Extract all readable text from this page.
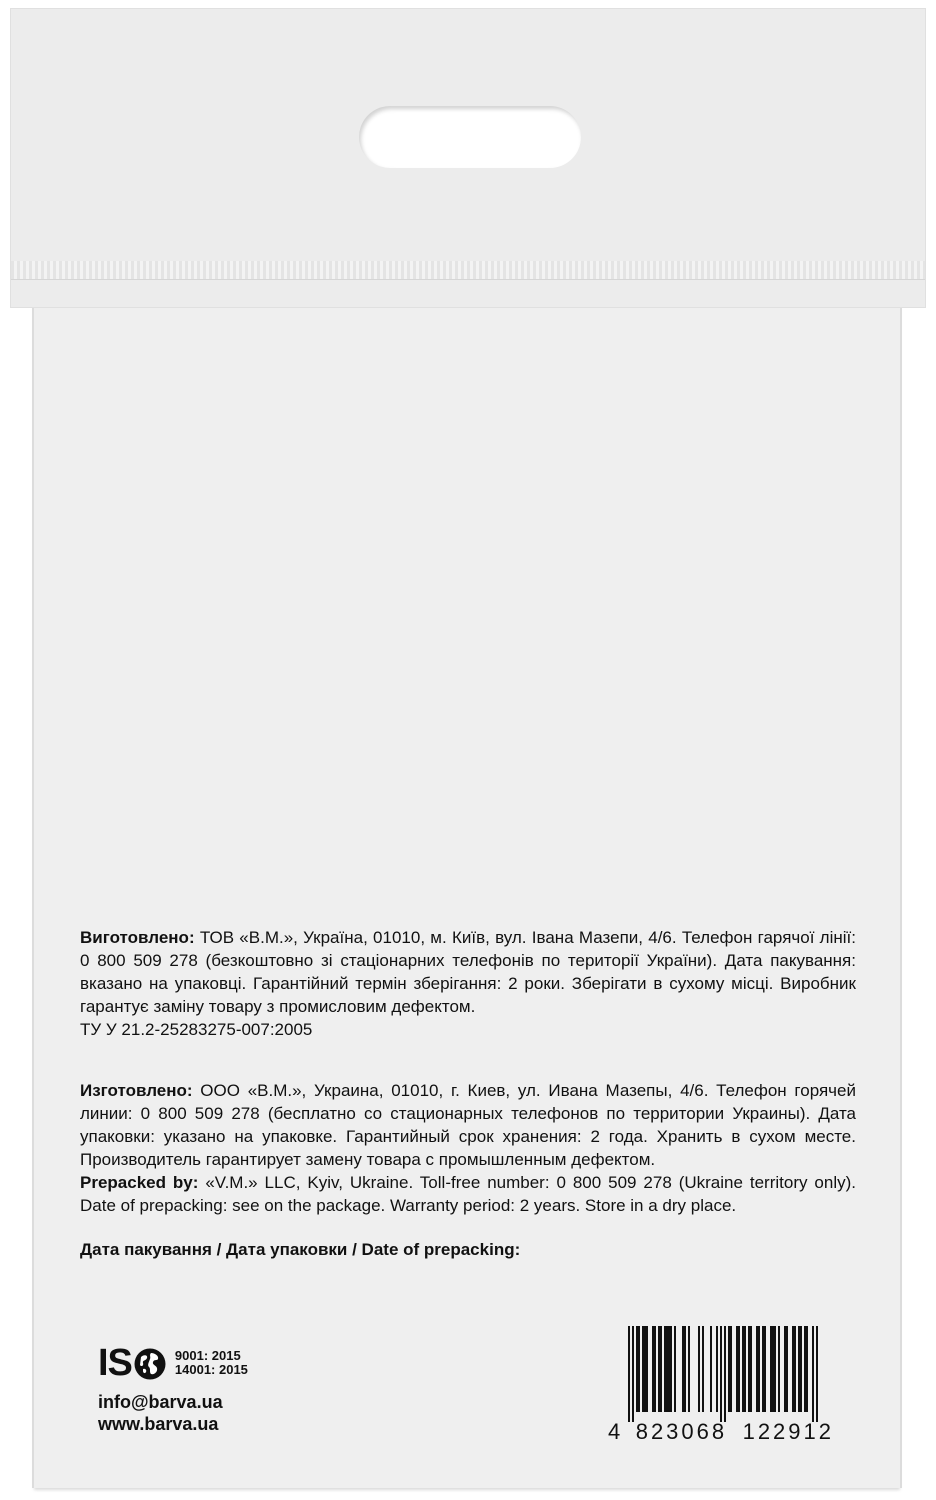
Виготовлено: ТОВ «В.М.», Україна, 01010, м. Київ, вул. Івана Мазепи, 4/6. Телефон гарячої лінії: 0 800 509 278 (безкоштовно зі стаціонарних телефонів по території України). Дата пакування: вказано на упаковці. Гарантійний термін зберігання: 2 роки. Зберігати в сухому місці. Виробник гарантує заміну товару з промисловим дефектом.
ТУ У 21.2-25283275-007:2005
Изготовлено: ООО «В.М.», Украина, 01010, г. Киев, ул. Ивана Мазепы, 4/6. Телефон горячей линии: 0 800 509 278 (бесплатно со стационарных телефонов по территории Украины). Дата упаковки: указано на упаковке. Гарантийный срок хранения: 2 года. Хранить в сухом месте. Производитель гарантирует замену товара с промышленным дефектом.
Prepacked by: «V.M.» LLC, Kyiv, Ukraine. Toll-free number: 0 800 509 278 (Ukraine territory only). Date of prepacking: see on the package. Warranty period: 2 years. Store in a dry place.
Дата пакування / Дата упаковки / Date of prepacking:
IS	9001: 2015
14001: 2015
info@barva.ua
www.barva.ua	4 823068 122912
